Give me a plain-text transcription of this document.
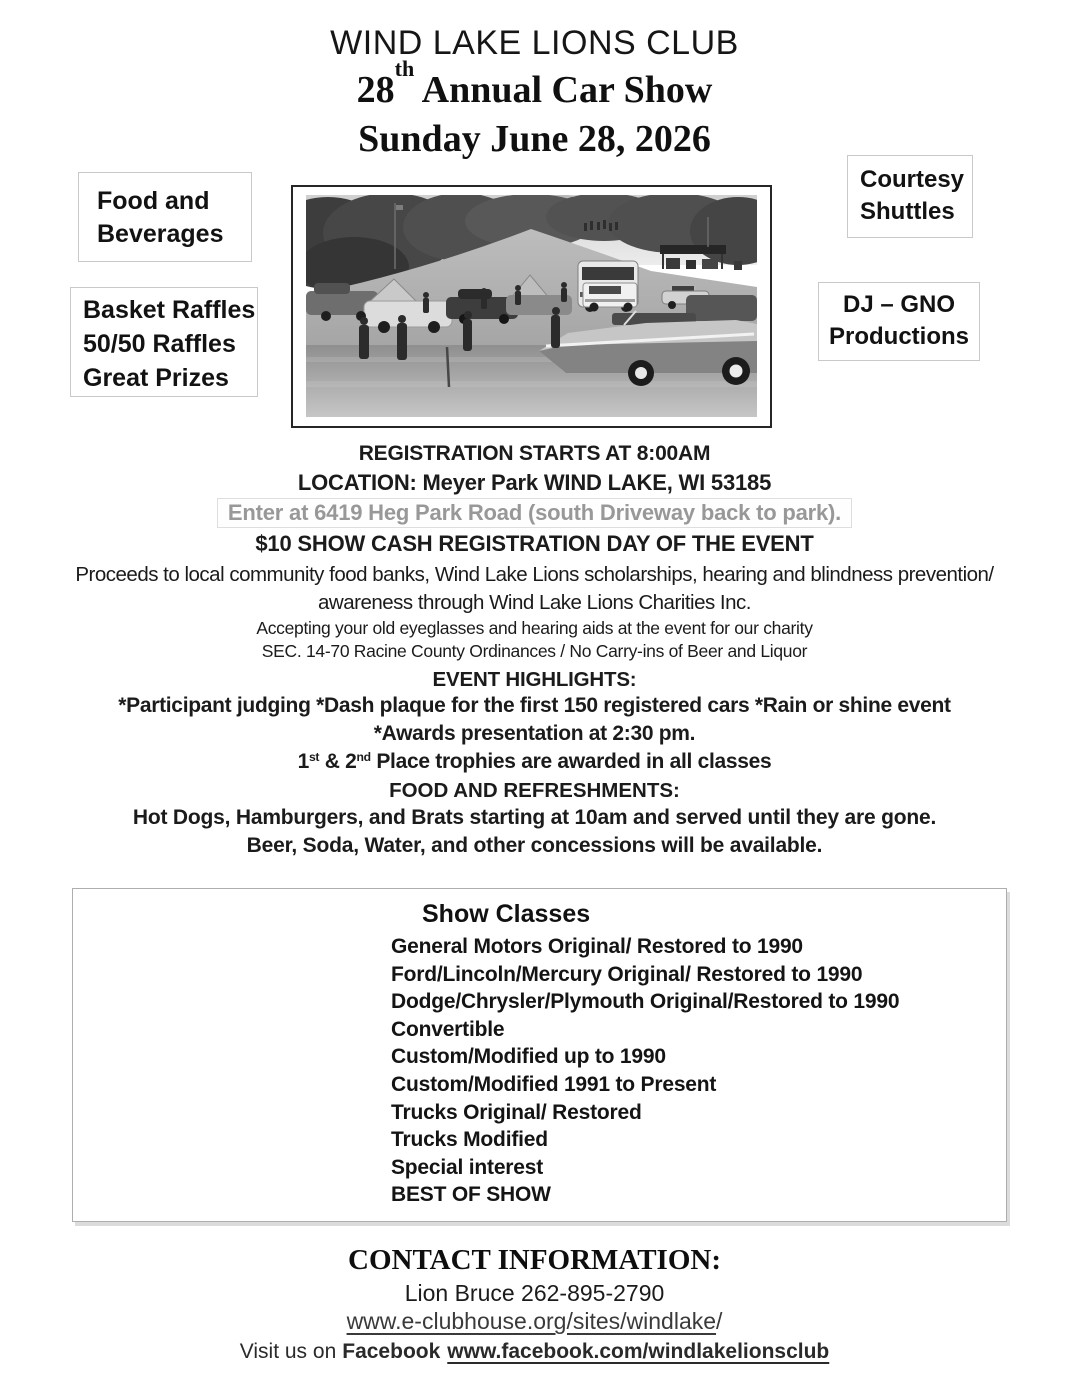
WIND LAKE LIONS CLUB
28th Annual Car Show
Sunday June 28, 2026
Food and
Beverages
Basket Raffles
50/50 Raffles
Great Prizes
Courtesy
Shuttles
DJ – GNO
Productions
REGISTRATION STARTS AT 8:00AM
LOCATION: Meyer Park WIND LAKE, WI 53185
Enter at 6419 Heg Park Road (south Driveway back to park).
$10 SHOW CASH REGISTRATION DAY OF THE EVENT
Proceeds to local community food banks, Wind Lake Lions scholarships, hearing and blindness prevention/
awareness through Wind Lake Lions Charities Inc.
Accepting your old eyeglasses and hearing aids at the event for our charity
SEC. 14-70 Racine County Ordinances / No Carry-ins of Beer and Liquor
EVENT HIGHLIGHTS:
*Participant judging *Dash plaque for the first 150 registered cars *Rain or shine event
*Awards presentation at 2:30 pm.
1st & 2nd Place trophies are awarded in all classes
FOOD AND REFRESHMENTS:
Hot Dogs, Hamburgers, and Brats starting at 10am and served until they are gone.
Beer, Soda, Water, and other concessions will be available.
Show Classes
General Motors Original/ Restored to 1990
Ford/Lincoln/Mercury Original/ Restored to 1990
Dodge/Chrysler/Plymouth Original/Restored to 1990
Convertible
Custom/Modified up to 1990
Custom/Modified 1991 to Present
Trucks Original/ Restored
Trucks Modified
Special interest
BEST OF SHOW
CONTACT INFORMATION:
Lion Bruce 262-895-2790
www.e-clubhouse.org/sites/windlake/
Visit us on Facebook www.facebook.com/windlakelionsclub
